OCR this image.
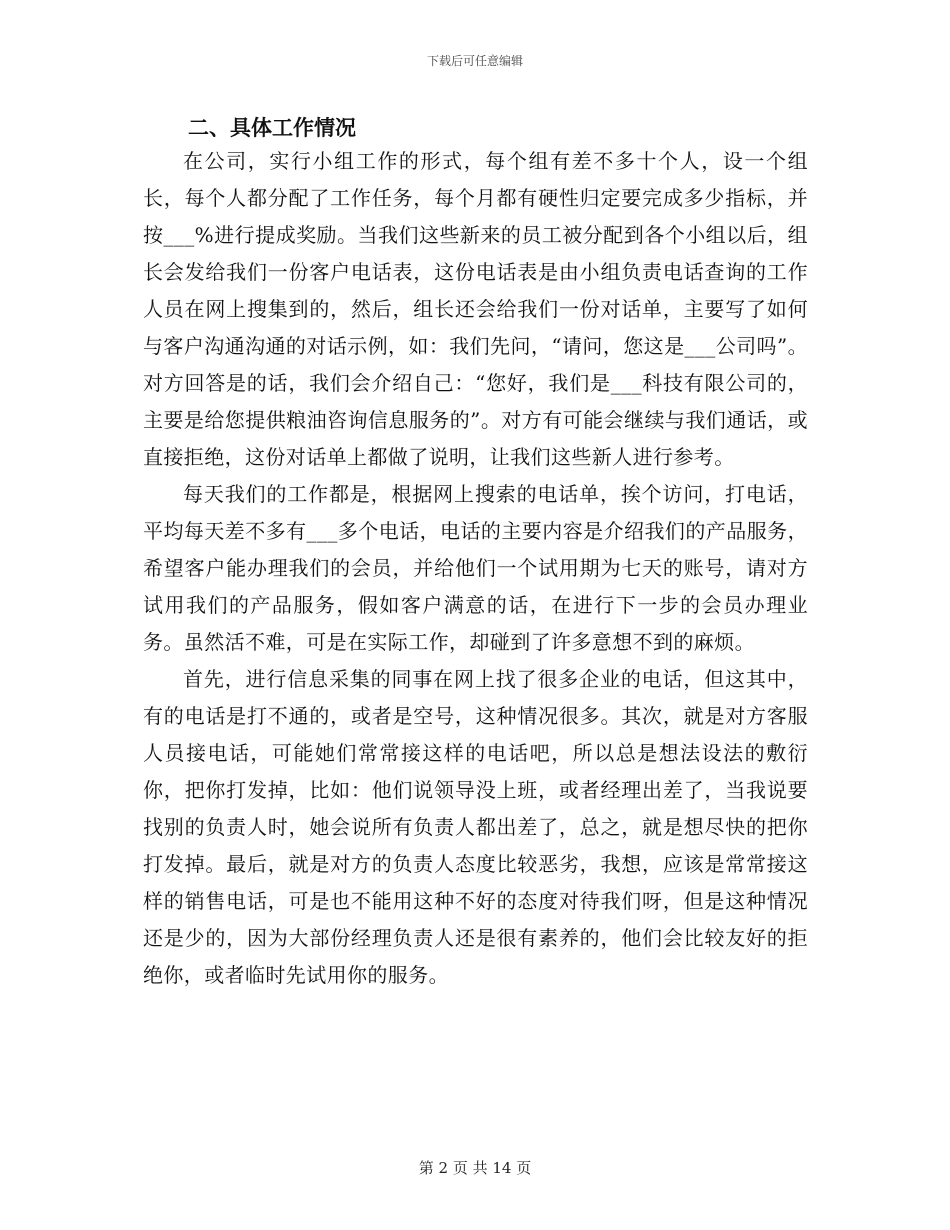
下载后可任意编辑
二、具体工作情况

在公司，实行小组工作的形式，每个组有差不多十个人，设一个组长，每个人都分配了工作任务，每个月都有硬性归定要完成多少指标，并按___%进行提成奖励。当我们这些新来的员工被分配到各个小组以后，组长会发给我们一份客户电话表，这份电话表是由小组负责电话查询的工作人员在网上搜集到的，然后，组长还会给我们一份对话单，主要写了如何与客户沟通沟通的对话示例，如：我们先问，“请问，您这是___公司吗”。对方回答是的话，我们会介绍自己：“您好，我们是___科技有限公司的，主要是给您提供粮油咨询信息服务的”。对方有可能会继续与我们通话，或直接拒绝，这份对话单上都做了说明，让我们这些新人进行参考。

每天我们的工作都是，根据网上搜索的电话单，挨个访问，打电话，平均每天差不多有___多个电话，电话的主要内容是介绍我们的产品服务，希望客户能办理我们的会员，并给他们一个试用期为七天的账号，请对方试用我们的产品服务，假如客户满意的话，在进行下一步的会员办理业务。虽然活不难，可是在实际工作，却碰到了许多意想不到的麻烦。

首先，进行信息采集的同事在网上找了很多企业的电话，但这其中，有的电话是打不通的，或者是空号，这种情况很多。其次，就是对方客服人员接电话，可能她们常常接这样的电话吧，所以总是想法设法的敷衍你，把你打发掉，比如：他们说领导没上班，或者经理出差了，当我说要找别的负责人时，她会说所有负责人都出差了，总之，就是想尽快的把你打发掉。最后，就是对方的负责人态度比较恶劣，我想，应该是常常接这样的销售电话，可是也不能用这种不好的态度对待我们呀，但是这种情况还是少的，因为大部份经理负责人还是很有素养的，他们会比较友好的拒绝你，或者临时先试用你的服务。

第 2 页 共 14 页
